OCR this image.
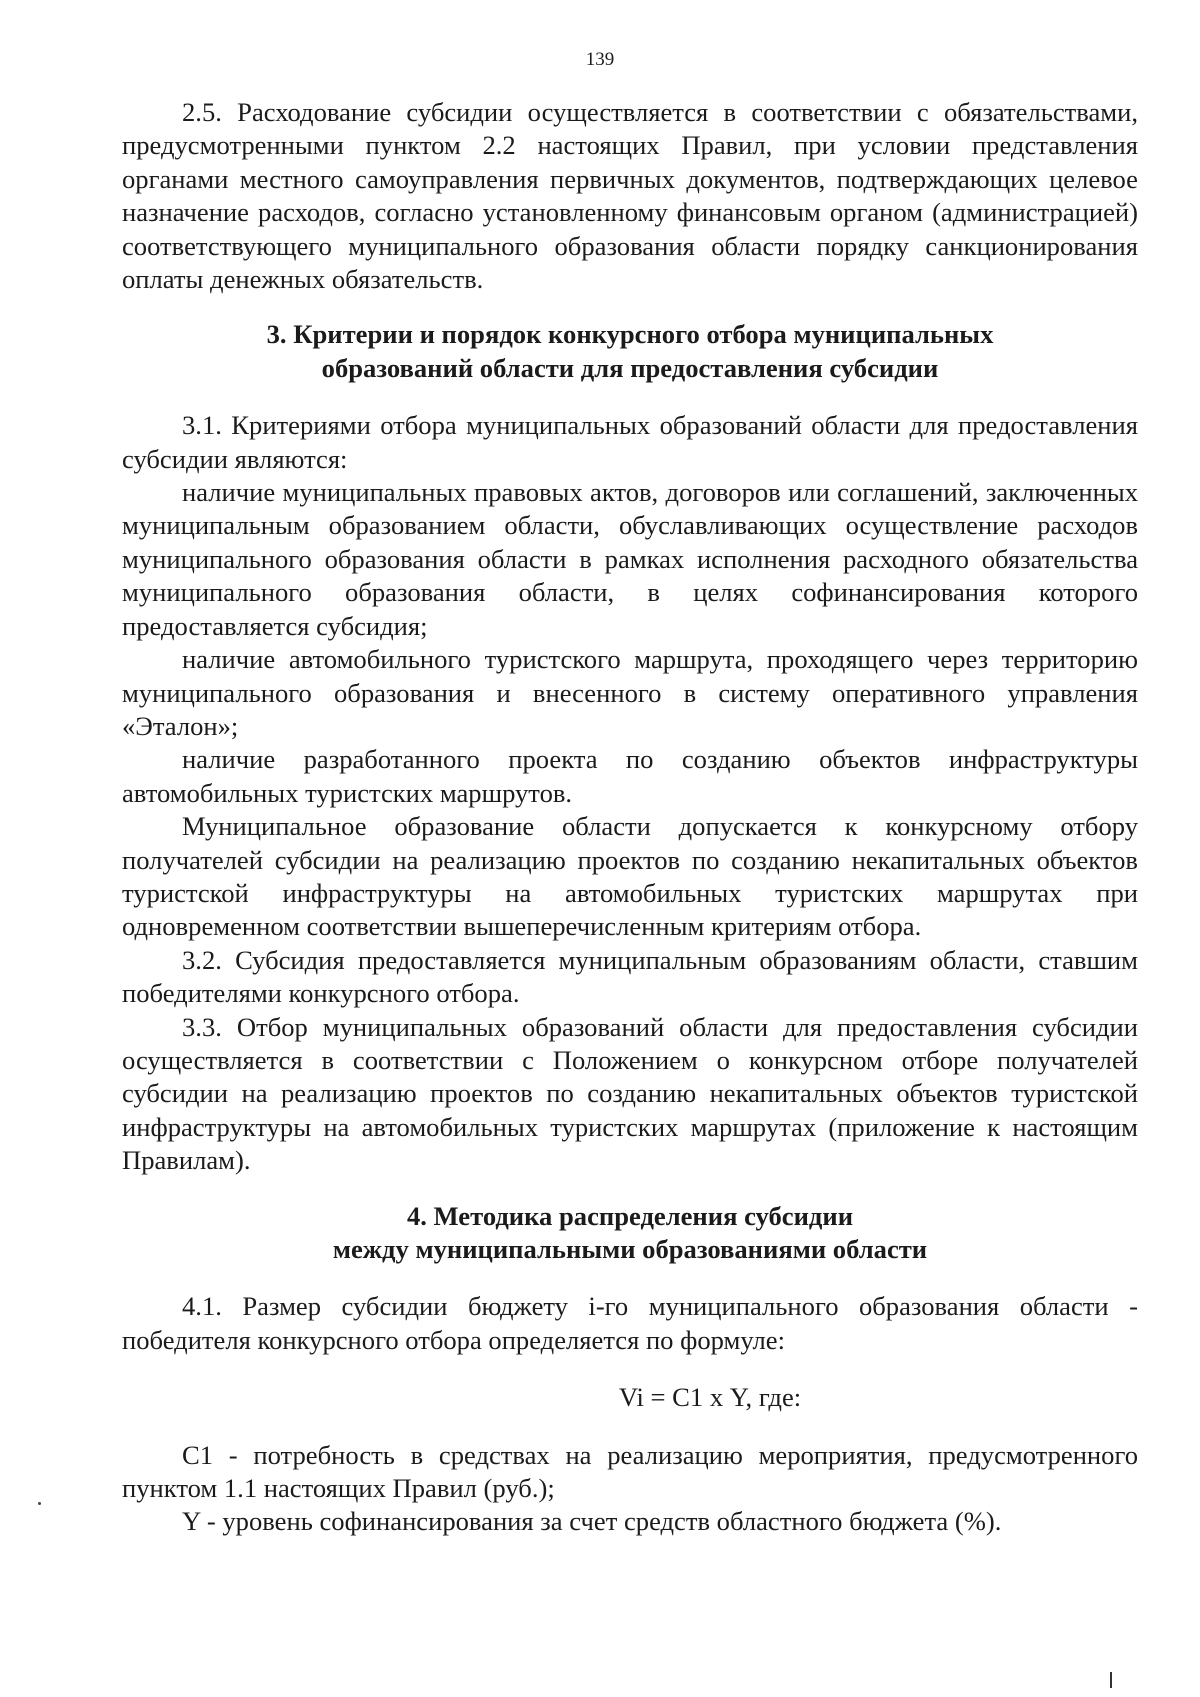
139

2.5. Расходование субсидии осуществляется в соответствии с обязательствами, предусмотренными пунктом 2.2 настоящих Правил, при условии представления органами местного самоуправления первичных документов, подтверждающих целевое назначение расходов, согласно установленному финансовым органом (администрацией) соответствующего муниципального образования области порядку санкционирования оплаты денежных обязательств.

3. Критерии и порядок конкурсного отбора муниципальных
образований области для предоставления субсидии

3.1. Критериями отбора муниципальных образований области для предоставления субсидии являются:

наличие муниципальных правовых актов, договоров или соглашений, заключенных муниципальным образованием области, обуславливающих осуществление расходов муниципального образования области в рамках исполнения расходного обязательства муниципального образования области, в целях софинансирования которого предоставляется субсидия;

наличие автомобильного туристского маршрута, проходящего через территорию муниципального образования и внесенного в систему оперативного управления «Эталон»;

наличие разработанного проекта по созданию объектов инфраструктуры автомобильных туристских маршрутов.

Муниципальное образование области допускается к конкурсному отбору получателей субсидии на реализацию проектов по созданию некапитальных объектов туристской инфраструктуры на автомобильных туристских маршрутах при одновременном соответствии вышеперечисленным критериям отбора.

3.2. Субсидия предоставляется муниципальным образованиям области, ставшим победителями конкурсного отбора.

3.3. Отбор муниципальных образований области для предоставления субсидии осуществляется в соответствии с Положением о конкурсном отборе получателей субсидии на реализацию проектов по созданию некапитальных объектов туристской инфраструктуры на автомобильных туристских маршрутах (приложение к настоящим Правилам).

4. Методика распределения субсидии
между муниципальными образованиями области

4.1. Размер субсидии бюджету i-го муниципального образования области - победителя конкурсного отбора определяется по формуле:

Vi = С1 х Y, где:

С1 - потребность в средствах на реализацию мероприятия, предусмотренного пунктом 1.1 настоящих Правил (руб.);

Y - уровень софинансирования за счет средств областного бюджета (%).
